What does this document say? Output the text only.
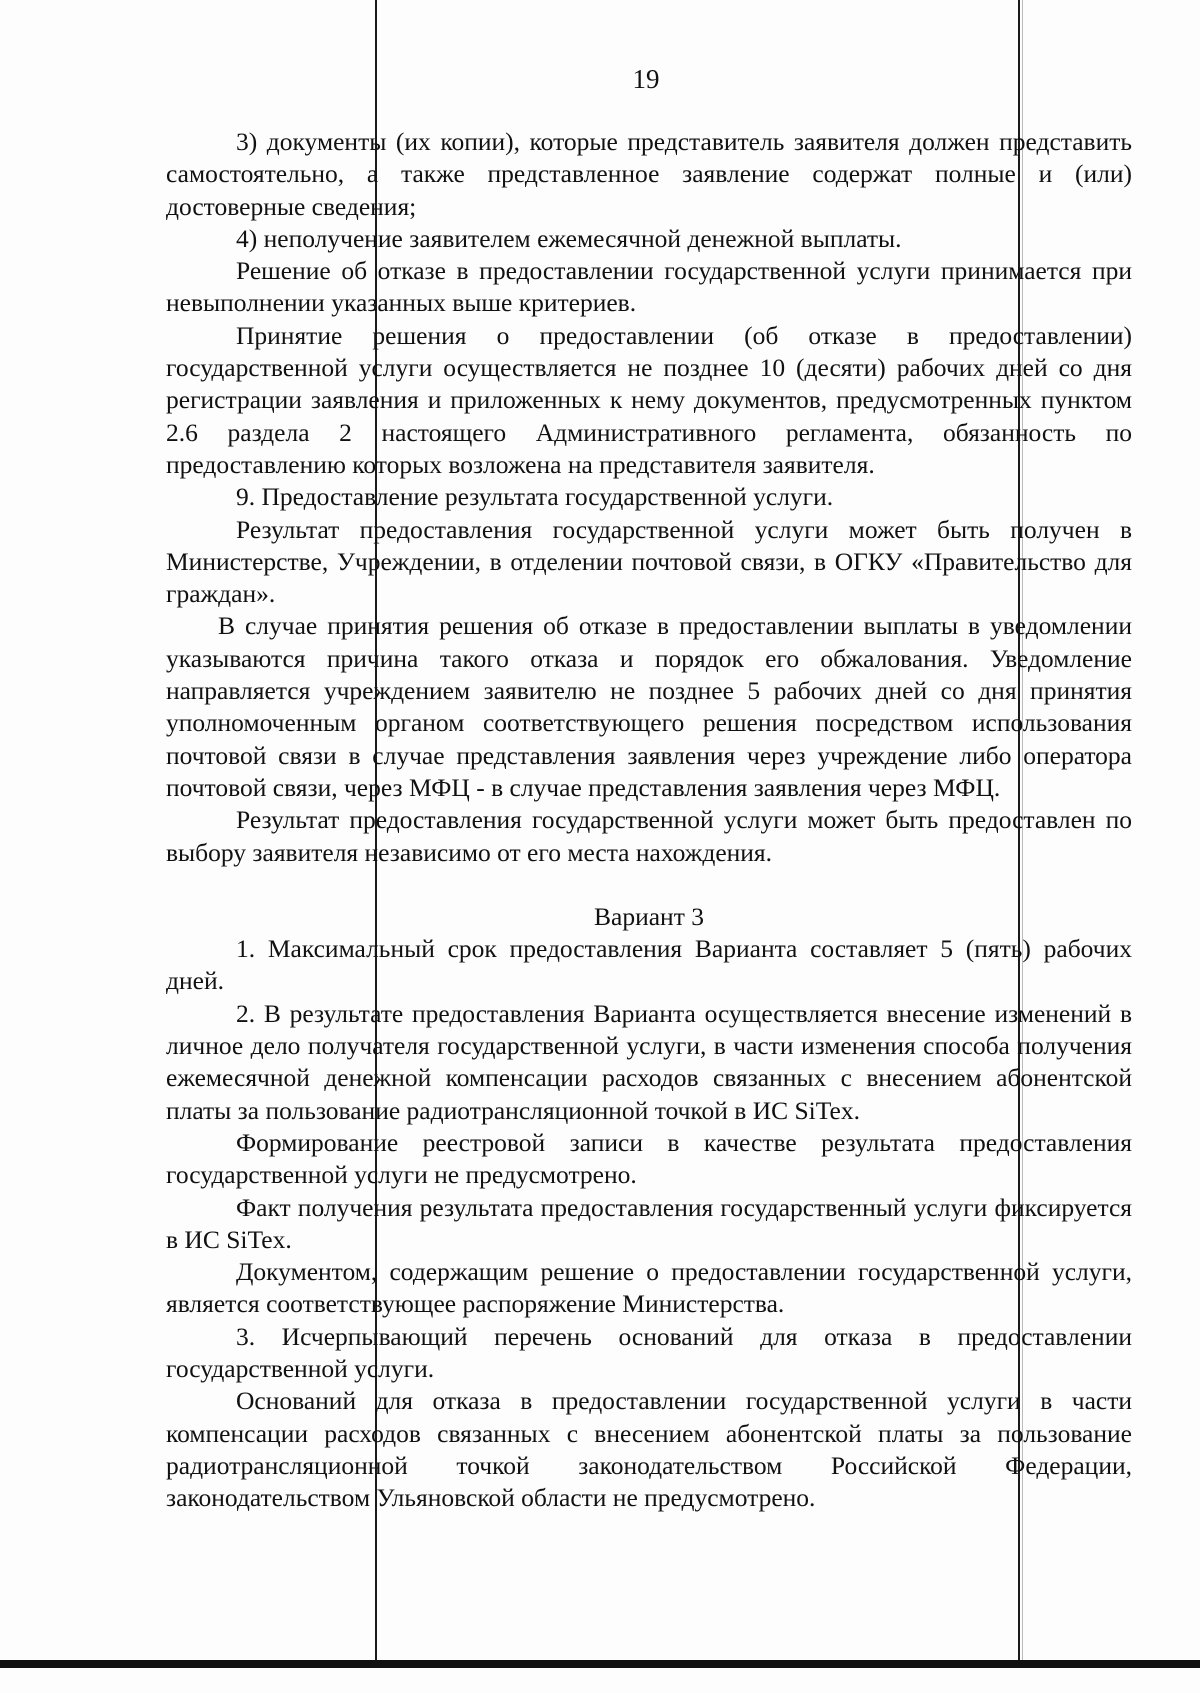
19

3) документы (их копии), которые представитель заявителя должен представить самостоятельно, а также представленное заявление содержат полные и (или) достоверные сведения;

4) неполучение заявителем ежемесячной денежной выплаты.

Решение об отказе в предоставлении государственной услуги принимается при невыполнении указанных выше критериев.

Принятие решения о предоставлении (об отказе в предоставлении) государственной услуги осуществляется не позднее 10 (десяти) рабочих дней со дня регистрации заявления и приложенных к нему документов, предусмотренных пунктом 2.6 раздела 2 настоящего Административного регламента, обязанность по предоставлению которых возложена на представителя заявителя.

9. Предоставление результата государственной услуги.

Результат предоставления государственной услуги может быть получен в Министерстве, Учреждении, в отделении почтовой связи, в ОГКУ «Правительство для граждан».

В случае принятия решения об отказе в предоставлении выплаты в уведомлении указываются причина такого отказа и порядок его обжалования. Уведомление направляется учреждением заявителю не позднее 5 рабочих дней со дня принятия уполномоченным органом соответствующего решения посредством использования почтовой связи в случае представления заявления через учреждение либо оператора почтовой связи, через МФЦ - в случае представления заявления через МФЦ.

Результат предоставления государственной услуги может быть предоставлен по выбору заявителя независимо от его места нахождения.

Вариант 3

1. Максимальный срок предоставления Варианта составляет 5 (пять) рабочих дней.

2. В результате предоставления Варианта осуществляется внесение изменений в личное дело получателя государственной услуги, в части изменения способа получения ежемесячной денежной компенсации расходов связанных с внесением абонентской платы за пользование радиотрансляционной точкой в ИС SiTex.

Формирование реестровой записи в качестве результата предоставления государственной услуги не предусмотрено.

Факт получения результата предоставления государственный услуги фиксируется в ИС SiTex.

Документом, содержащим решение о предоставлении государственной услуги, является соответствующее распоряжение Министерства.

3. Исчерпывающий перечень оснований для отказа в предоставлении государственной услуги.

Оснований для отказа в предоставлении государственной услуги в части компенсации расходов связанных с внесением абонентской платы за пользование радиотрансляционной точкой законодательством Российской Федерации, законодательством Ульяновской области не предусмотрено.
